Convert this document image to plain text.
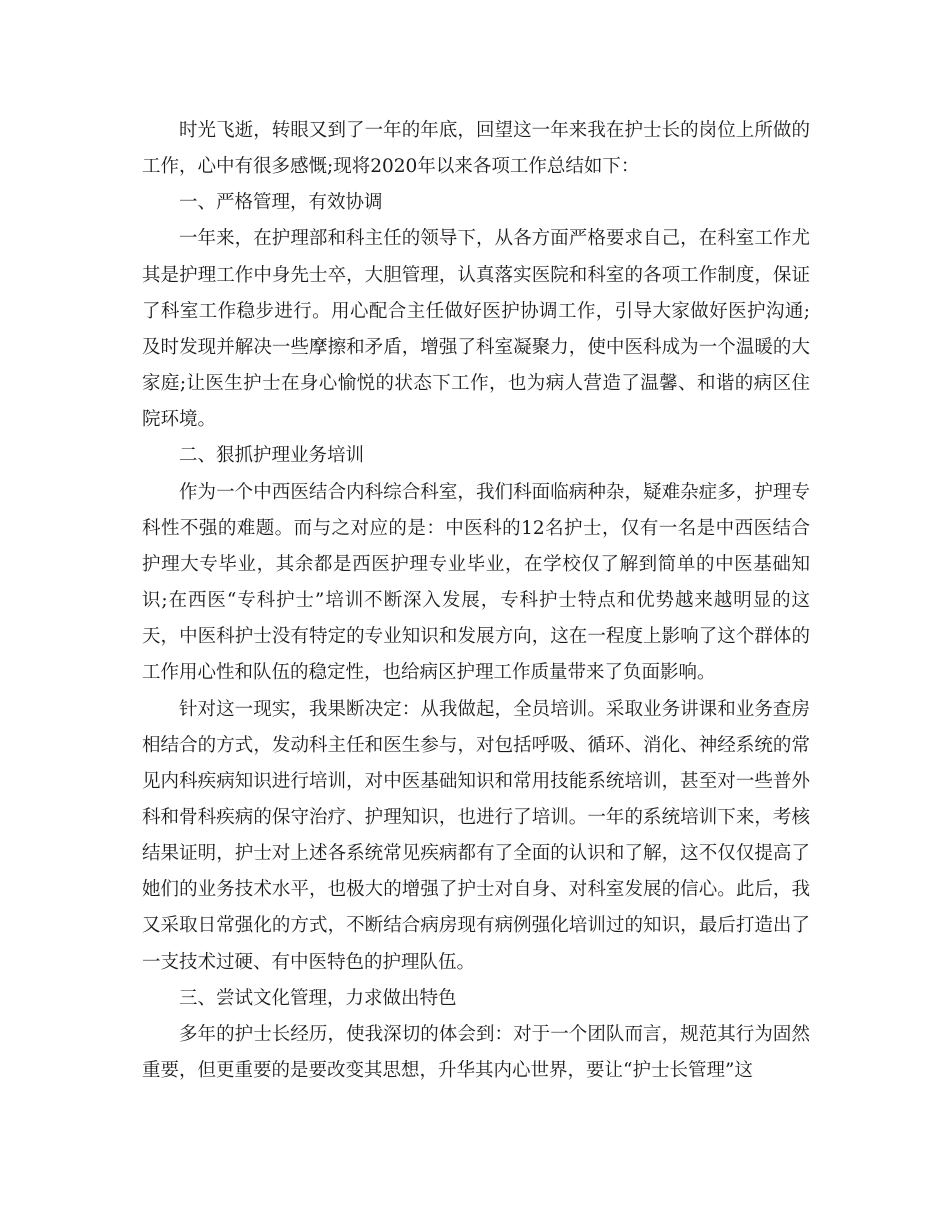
时光飞逝，转眼又到了一年的年底，回望这一年来我在护士长的岗位上所做的工作，心中有很多感慨;现将2020年以来各项工作总结如下：

一、严格管理，有效协调

一年来，在护理部和科主任的领导下，从各方面严格要求自己，在科室工作尤其是护理工作中身先士卒，大胆管理，认真落实医院和科室的各项工作制度，保证了科室工作稳步进行。用心配合主任做好医护协调工作，引导大家做好医护沟通;及时发现并解决一些摩擦和矛盾，增强了科室凝聚力，使中医科成为一个温暖的大家庭;让医生护士在身心愉悦的状态下工作，也为病人营造了温馨、和谐的病区住院环境。

二、狠抓护理业务培训

作为一个中西医结合内科综合科室，我们科面临病种杂，疑难杂症多，护理专科性不强的难题。而与之对应的是：中医科的12名护士，仅有一名是中西医结合护理大专毕业，其余都是西医护理专业毕业，在学校仅了解到简单的中医基础知识;在西医“专科护士”培训不断深入发展，专科护士特点和优势越来越明显的这天，中医科护士没有特定的专业知识和发展方向，这在一程度上影响了这个群体的工作用心性和队伍的稳定性，也给病区护理工作质量带来了负面影响。

针对这一现实，我果断决定：从我做起，全员培训。采取业务讲课和业务查房相结合的方式，发动科主任和医生参与，对包括呼吸、循环、消化、神经系统的常见内科疾病知识进行培训，对中医基础知识和常用技能系统培训，甚至对一些普外科和骨科疾病的保守治疗、护理知识，也进行了培训。一年的系统培训下来，考核结果证明，护士对上述各系统常见疾病都有了全面的认识和了解，这不仅仅提高了她们的业务技术水平，也极大的增强了护士对自身、对科室发展的信心。此后，我又采取日常强化的方式，不断结合病房现有病例强化培训过的知识，最后打造出了一支技术过硬、有中医特色的护理队伍。

三、尝试文化管理，力求做出特色

多年的护士长经历，使我深切的体会到：对于一个团队而言，规范其行为固然重要，但更重要的是要改变其思想，升华其内心世界，要让“护士长管理”这
